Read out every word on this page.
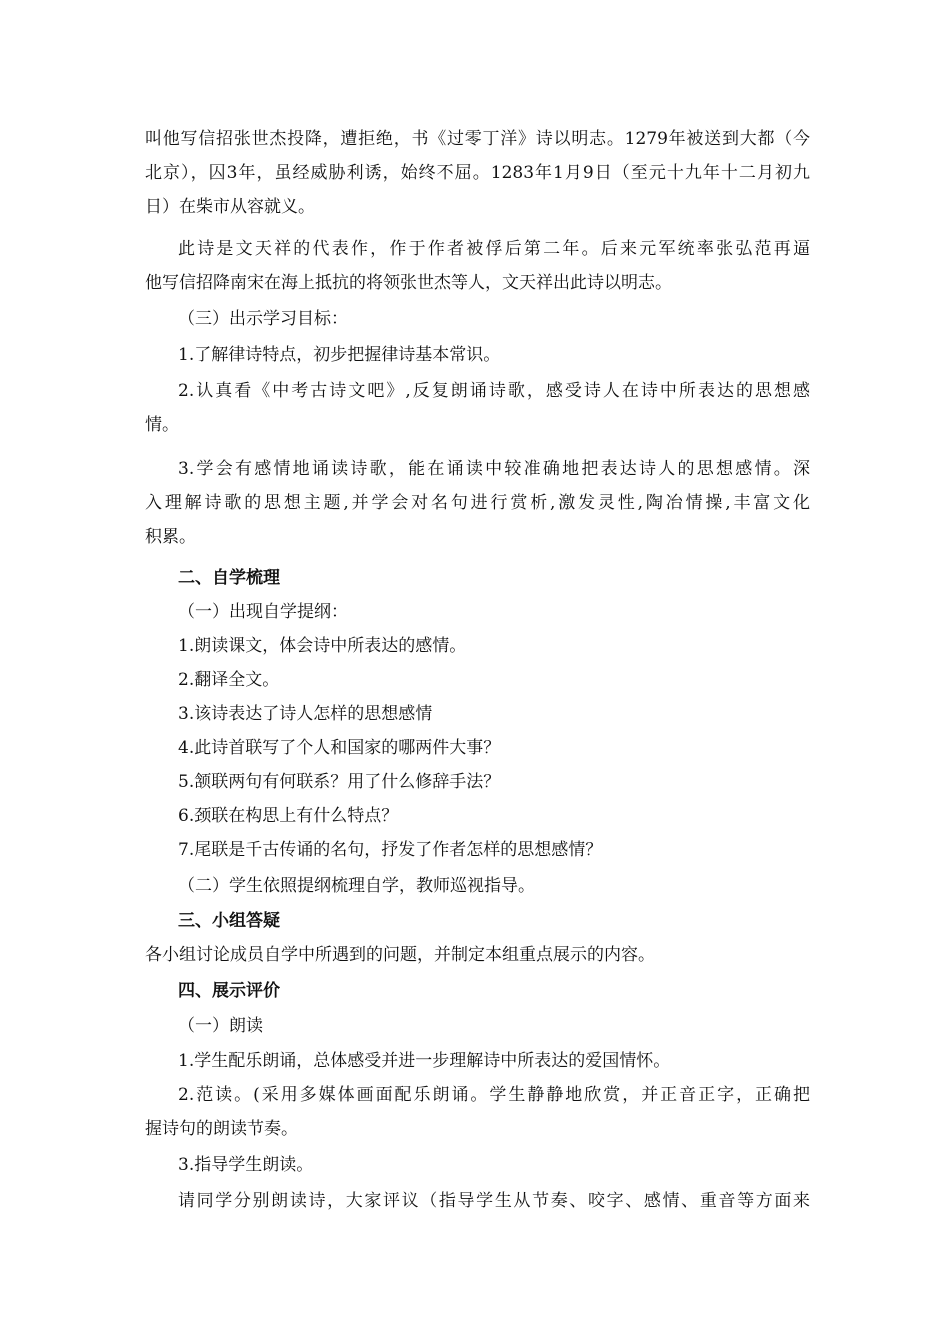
叫他写信招张世杰投降，遭拒绝，书《过零丁洋》诗以明志。1279年被送到大都（今
北京），囚3年，虽经威胁利诱，始终不屈。1283年1月9日（至元十九年十二月初九
日）在柴市从容就义。
此诗是文天祥的代表作，作于作者被俘后第二年。后来元军统率张弘范再逼
他写信招降南宋在海上抵抗的将领张世杰等人，文天祥出此诗以明志。
（三）出示学习目标：
1.了解律诗特点，初步把握律诗基本常识。
2.认真看《中考古诗文吧》,反复朗诵诗歌，感受诗人在诗中所表达的思想感
情。
3.学会有感情地诵读诗歌，能在诵读中较准确地把表达诗人的思想感情。深
入理解诗歌的思想主题,并学会对名句进行赏析,激发灵性,陶冶情操,丰富文化
积累。
二、自学梳理
（一）出现自学提纲：
1.朗读课文，体会诗中所表达的感情。
2.翻译全文。
3.该诗表达了诗人怎样的思想感情
4.此诗首联写了个人和国家的哪两件大事？
5.颔联两句有何联系？用了什么修辞手法？
6.颈联在构思上有什么特点？
7.尾联是千古传诵的名句，抒发了作者怎样的思想感情？
（二）学生依照提纲梳理自学，教师巡视指导。
三、小组答疑
各小组讨论成员自学中所遇到的问题，并制定本组重点展示的内容。
四、展示评价
（一）朗读
1.学生配乐朗诵，总体感受并进一步理解诗中所表达的爱国情怀。
2.范读。(采用多媒体画面配乐朗诵。学生静静地欣赏，并正音正字，正确把
握诗句的朗读节奏。
3.指导学生朗读。
请同学分别朗读诗，大家评议（指导学生从节奏、咬字、感情、重音等方面来
